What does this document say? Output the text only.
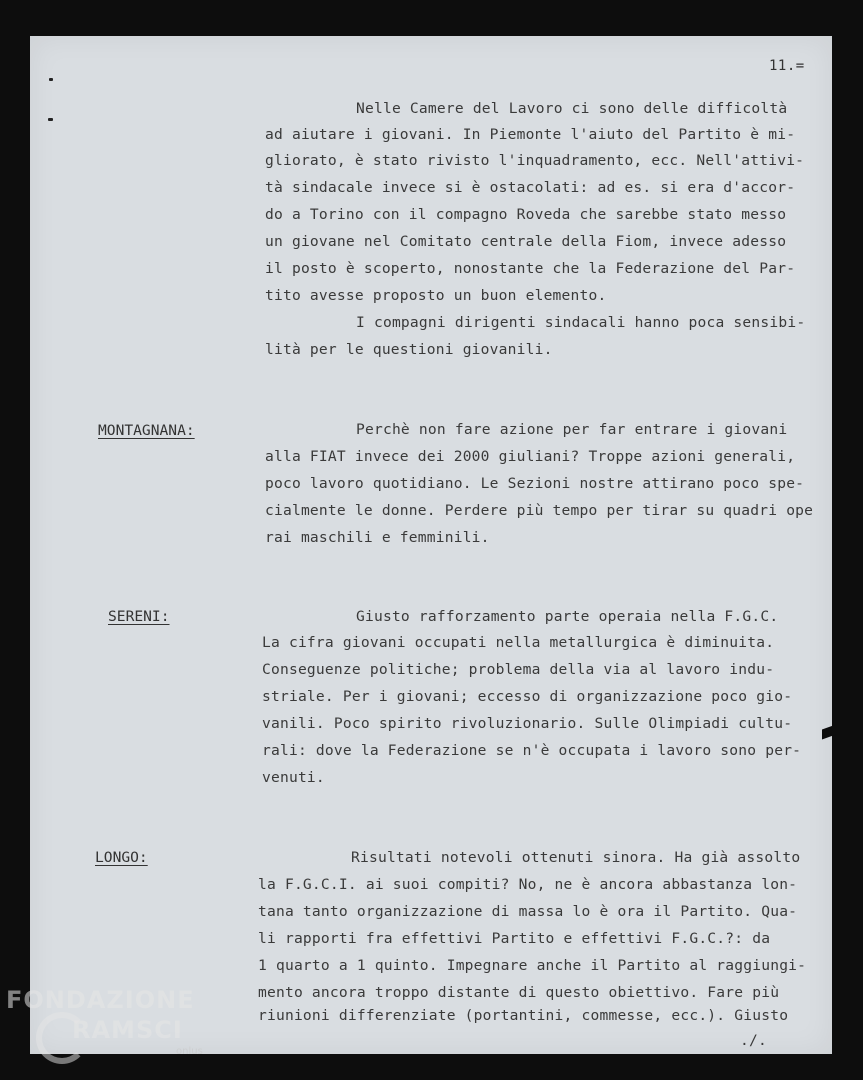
11.=
Nelle Camere del Lavoro ci sono delle difficoltà
ad aiutare i giovani. In Piemonte l'aiuto del Partito è mi-
gliorato, è stato rivisto l'inquadramento, ecc. Nell'attivi-
tà sindacale invece si è ostacolati: ad es. si era d'accor-
do a Torino con il compagno Roveda che sarebbe stato messo
un giovane nel Comitato centrale della Fiom, invece adesso
il posto è scoperto, nonostante che la Federazione del Par-
tito avesse proposto un buon elemento.
I compagni dirigenti sindacali hanno poca sensibi-
lità per le questioni giovanili.
MONTAGNANA:	Perchè non fare azione per far entrare i giovani
alla FIAT invece dei 2000 giuliani? Troppe azioni generali,
poco lavoro quotidiano. Le Sezioni nostre attirano poco spe-
cialmente le donne. Perdere più tempo per tirar su quadri ope
rai maschili e femminili.
SERENI:	Giusto rafforzamento parte operaia nella F.G.C.
La cifra giovani occupati nella metallurgica è diminuita.
Conseguenze politiche; problema della via al lavoro indu-
striale. Per i giovani; eccesso di organizzazione poco gio-
vanili. Poco spirito rivoluzionario. Sulle Olimpiadi cultu-
rali: dove la Federazione se n'è occupata i lavoro sono per-
venuti.
LONGO:	Risultati notevoli ottenuti sinora. Ha già assolto
la F.G.C.I. ai suoi compiti? No, ne è ancora abbastanza lon-
tana tanto organizzazione di massa lo è ora il Partito. Qua-
li rapporti fra effettivi Partito e effettivi F.G.C.?: da
1 quarto a 1 quinto. Impegnare anche il Partito al raggiungi-
mento ancora troppo distante di questo obiettivo. Fare più
riunioni differenziate (portantini, commesse, ecc.). Giusto
./.
FONDAZIONE
RAMSCI
onlus
